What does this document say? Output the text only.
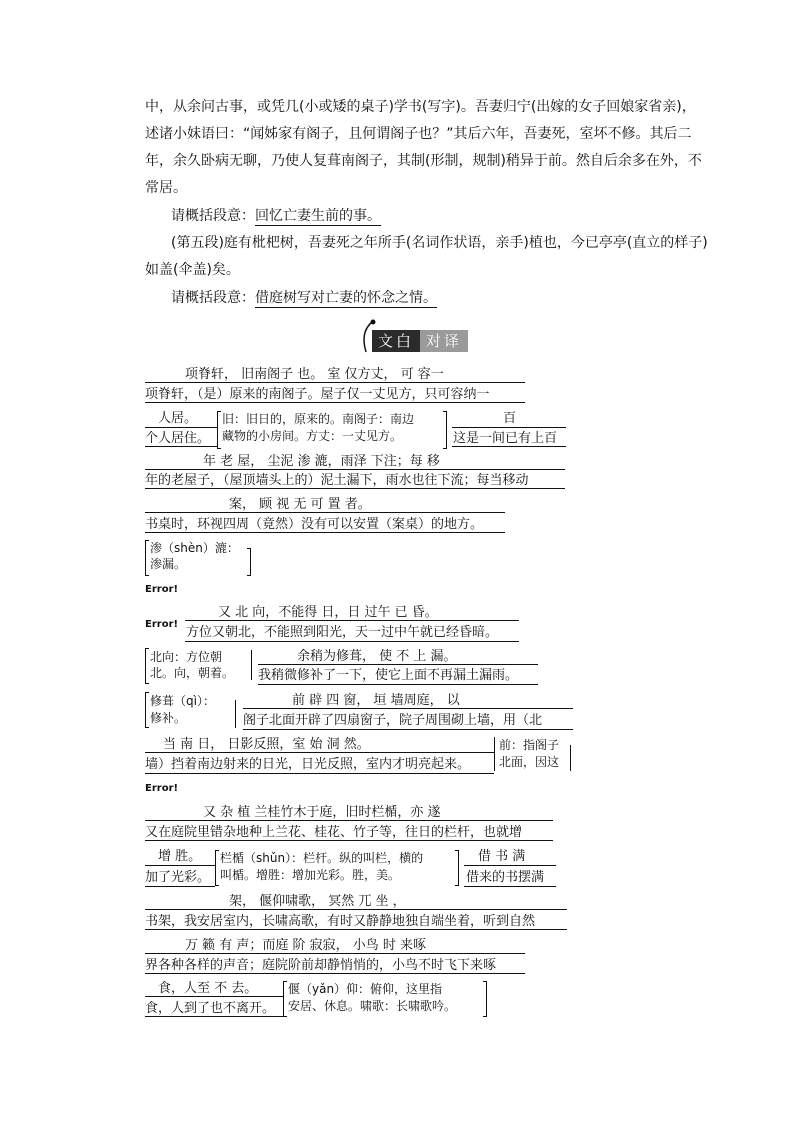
中，从余问古事，或凭几(小或矮的桌子)学书(写字)。吾妻归宁(出嫁的女子回娘家省亲)，
述诸小妹语曰：“闻姊家有阁子，且何谓阁子也？”其后六年，吾妻死，室坏不修。其后二
年，余久卧病无聊，乃使人复葺南阁子，其制(形制，规制)稍异于前。然自后余多在外，不
常居。
请概括段意：回忆亡妻生前的事。
(第五段)庭有枇杷树，吾妻死之年所手(名词作状语，亲手)植也，今已亭亭(直立的样子)
如盖(伞盖)矣。
请概括段意：借庭树写对亡妻的怀念之情。
文白 对译
项脊轩， 旧南阁子 也。 室 仅方丈， 可 容一
项脊轩，（是）原来的南阁子。屋子仅一丈见方，只可容纳一
人居。 旧：旧日的，原来的。南阁子：南边	百
个人居住。 藏物的小房间。方丈：一丈见方。	这是一间已有上百
年 老 屋， 尘泥 渗 漉，雨泽 下注；每 移
年的老屋子，（屋顶墙头上的）泥土漏下，雨水也往下流；每当移动
案， 顾 视 无 可 置 者。
书桌时，环视四周（竟然）没有可以安置（案桌）的地方。
渗（shèn）漉：
渗漏。
Error!
又 北 向，不能得 日，日 过午 已 昏。
Error!
方位又朝北，不能照到阳光，天一过中午就已经昏暗。
北向：方位朝	余稍为修葺， 使 不 上 漏。
北。向，朝着。 我稍微修补了一下，使它上面不再漏土漏雨。
修葺（qì）：	前 辟 四 窗， 垣 墙周庭， 以
修补。	阁子北面开辟了四扇窗子，院子周围砌上墙，用（北
当 南 日， 日影反照，室 始 洞 然。	前：指阁子
墙）挡着南边射来的日光，日光反照，室内才明亮起来。 北面，因这
Error!
又 杂 植 兰桂竹木于庭，旧时栏楯，亦 遂
又在庭院里错杂地种上兰花、桂花、竹子等，往日的栏杆，也就增
增 胜。 栏楯（shǔn）：栏杆。纵的叫栏，横的	借 书 满
加了光彩。 叫楯。增胜：增加光彩。胜，美。	借来的书摆满
架， 偃仰啸歌， 冥然 兀 坐 ，
书架，我安居室内，长啸高歌，有时又静静地独自端坐着，听到自然
万 籁 有 声；而庭 阶 寂寂， 小鸟 时 来啄
界各种各样的声音；庭院阶前却静悄悄的，小鸟不时飞下来啄
食，人至 不 去。	偃（yǎn）仰：俯仰，这里指
食，人到了也不离开。 安居、休息。啸歌：长啸歌吟。
